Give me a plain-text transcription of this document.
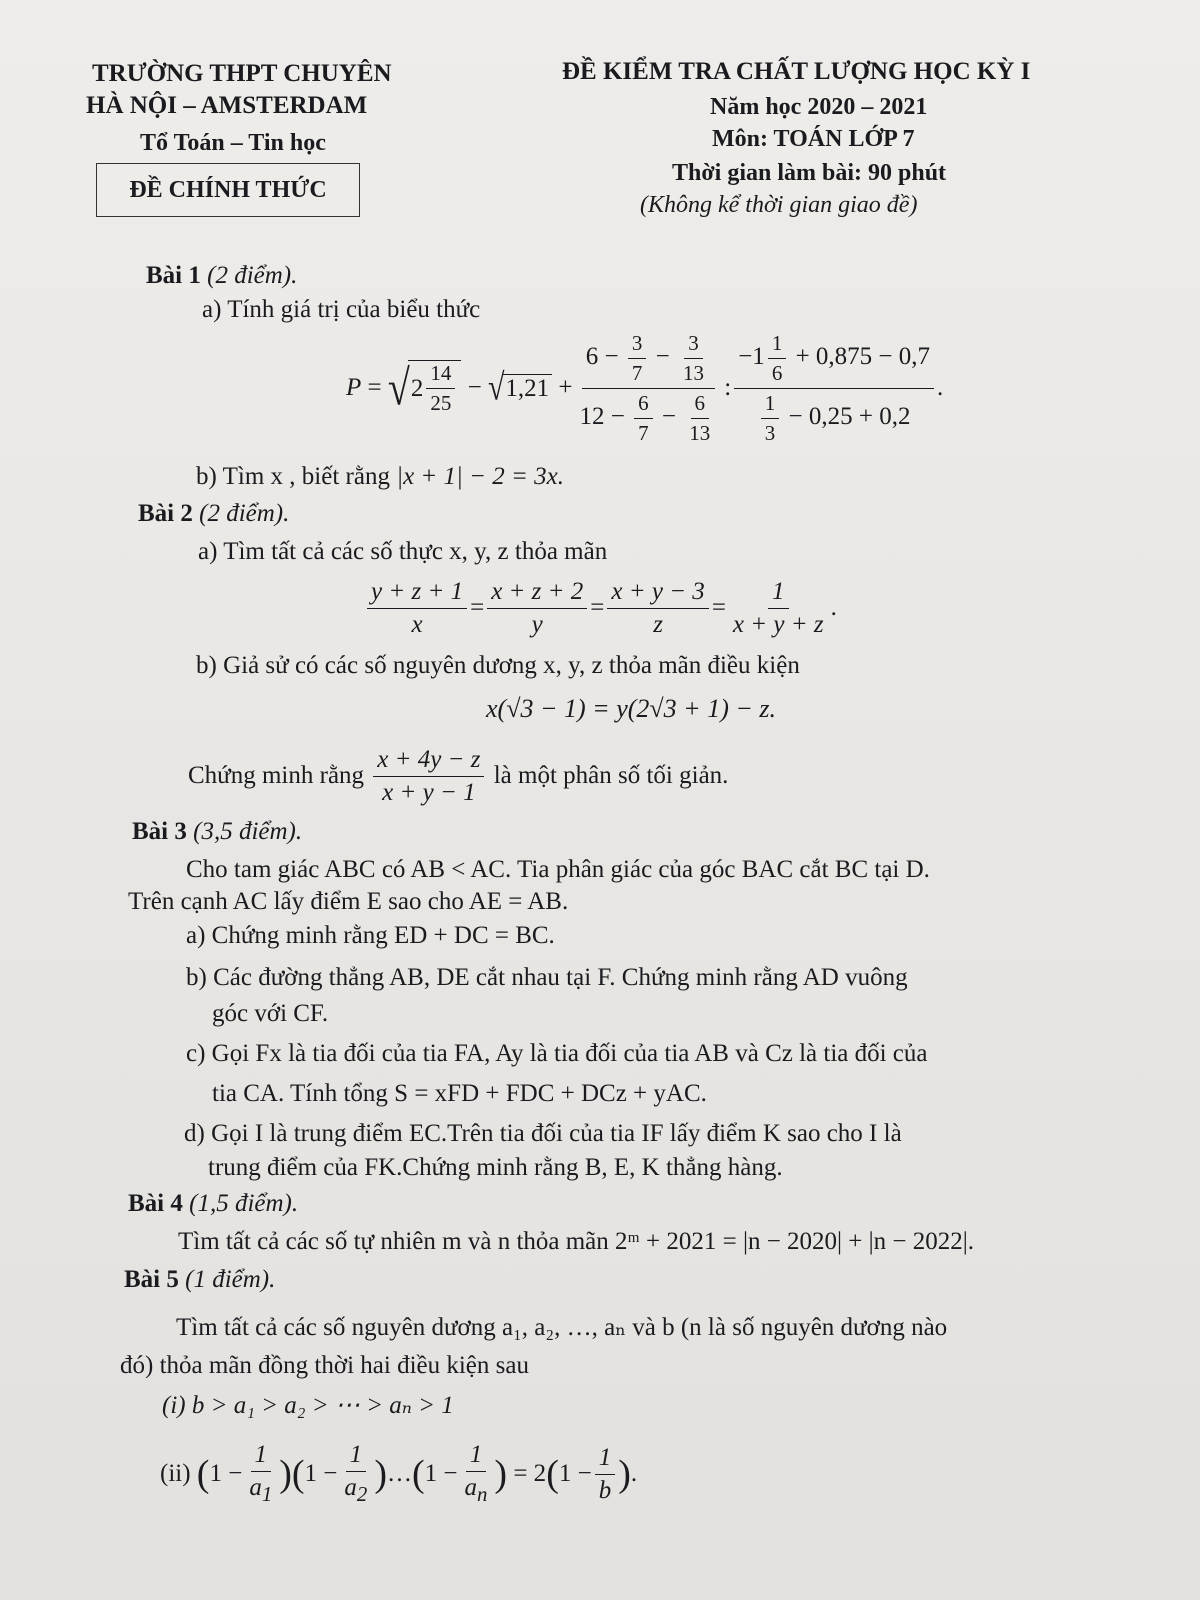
TRƯỜNG THPT CHUYÊN
HÀ NỘI – AMSTERDAM
Tổ Toán – Tin học
ĐỀ CHÍNH THỨC
ĐỀ KIỂM TRA CHẤT LƯỢNG HỌC KỲ I
Năm học 2020 – 2021
Môn: TOÁN LỚP 7
Thời gian làm bài: 90 phút
(Không kể thời gian giao đề)
Bài 1 (2 điểm).
a) Tính giá trị của biểu thức
P = √ $2 \frac{14}{25}$ − √ $1,21 + \frac{6 - \frac{3}{7} - \frac{3}{13}}{12 - \frac{6}{7} - \frac{6}{13}}$ : $\frac{-1 \frac{1}{6} + 0,875 - 0,7}{\frac{1}{3} - 0,25 + 0,2}$ .
b) Tìm x , biết rằng |x + 1| − 2 = 3x.
Bài 2 (2 điểm).
a) Tìm tất cả các số thực x, y, z thỏa mãn
$\frac{y + z + 1}{x} = \frac{x + z + 2}{y} = \frac{x + y - 3}{z} = \frac{1}{x + y + z}$ .
b) Giả sử có các số nguyên dương x, y, z thỏa mãn điều kiện
x(√3 − 1) = y(2√3 + 1) − z.
Chứng minh rằng
$\frac{x + 4y - z}{x + y - 1}$
là một phân số tối giản.
Bài 3 (3,5 điểm).
Cho tam giác ABC có AB < AC. Tia phân giác của góc BAC cắt BC tại D.
Trên cạnh AC lấy điểm E sao cho AE = AB.
a) Chứng minh rằng ED + DC = BC.
b) Các đường thẳng AB, DE cắt nhau tại F. Chứng minh rằng AD vuông
góc với CF.
c) Gọi Fx là tia đối của tia FA, Ay là tia đối của tia AB và Cz là tia đối của
tia CA. Tính tổng S = xFD + FDC + DCz + yAC.
d) Gọi I là trung điểm EC.Trên tia đối của tia IF lấy điểm K sao cho I là
trung điểm của FK.Chứng minh rằng B, E, K thẳng hàng.
Bài 4 (1,5 điểm).
Tìm tất cả các số tự nhiên m và n thỏa mãn 2ᵐ + 2021 = |n − 2020| + |n − 2022|.
Bài 5 (1 điểm).
Tìm tất cả các số nguyên dương a₁, a₂, …, aₙ và b (n là số nguyên dương nào
đó) thỏa mãn đồng thời hai điều kiện sau
(i) b > a₁ > a₂ > ⋯ > aₙ > 1
(ii)
( $1 - \frac{1}{a_1}$ ) ( $1 - \frac{1}{a_2}$ ) … ( $1 - \frac{1}{a_n}$ ) = 2 ( $1 - \frac{1}{b}$ ) .
